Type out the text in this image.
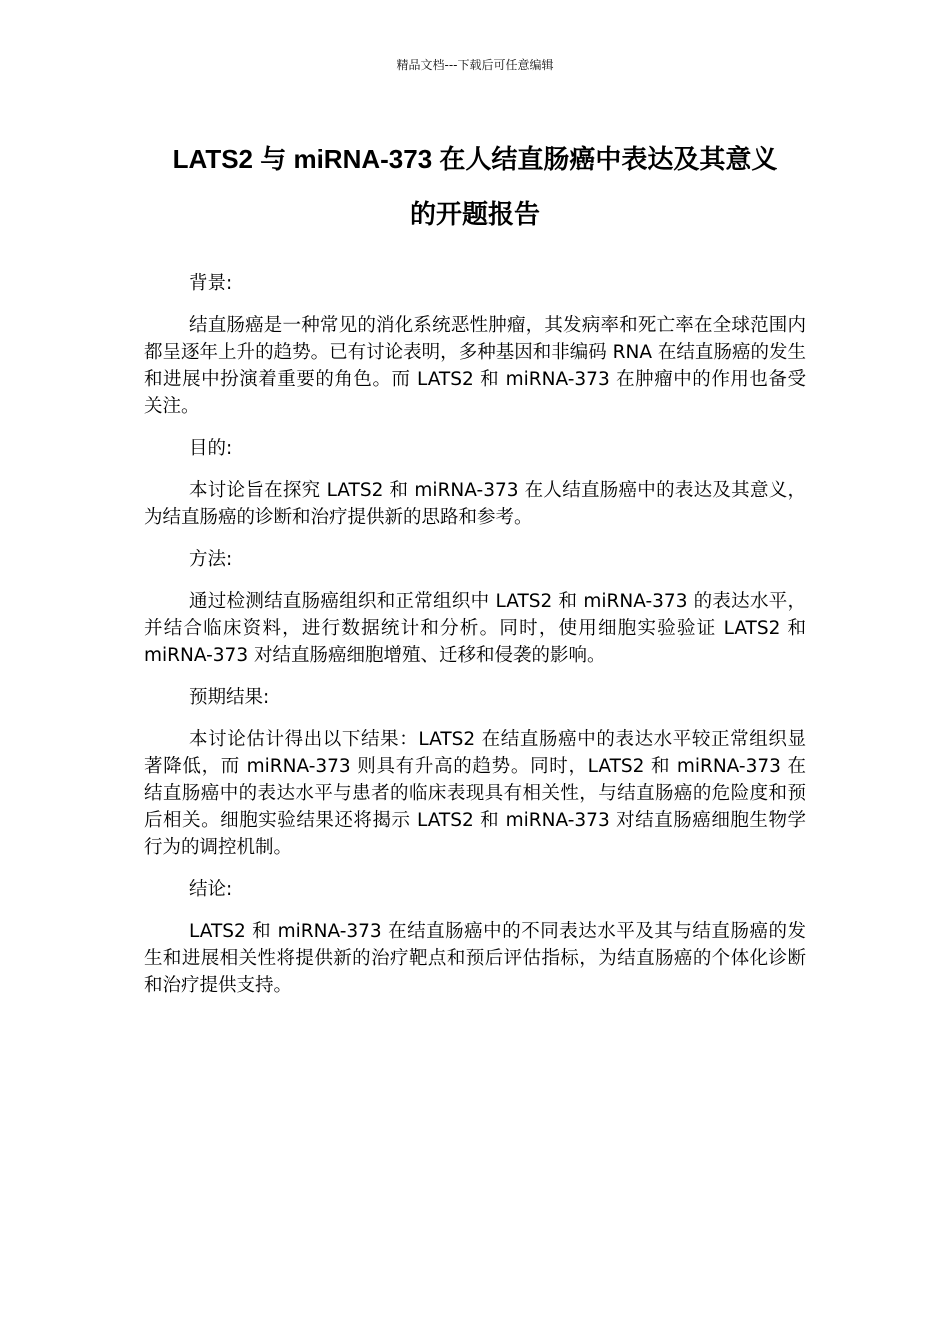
精品文档---下载后可任意编辑
LATS2 与 miRNA-373 在人结直肠癌中表达及其意义
的开题报告

背景:

结直肠癌是一种常见的消化系统恶性肿瘤，其发病率和死亡率在全球范围内都呈逐年上升的趋势。已有讨论表明，多种基因和非编码 RNA 在结直肠癌的发生和进展中扮演着重要的角色。而 LATS2 和 miRNA-373 在肿瘤中的作用也备受关注。

目的:

本讨论旨在探究 LATS2 和 miRNA-373 在人结直肠癌中的表达及其意义，为结直肠癌的诊断和治疗提供新的思路和参考。

方法:

通过检测结直肠癌组织和正常组织中 LATS2 和 miRNA-373 的表达水平，并结合临床资料，进行数据统计和分析。同时，使用细胞实验验证 LATS2 和 miRNA-373 对结直肠癌细胞增殖、迁移和侵袭的影响。

预期结果:

本讨论估计得出以下结果：LATS2 在结直肠癌中的表达水平较正常组织显著降低，而 miRNA-373 则具有升高的趋势。同时，LATS2 和 miRNA-373 在结直肠癌中的表达水平与患者的临床表现具有相关性，与结直肠癌的危险度和预后相关。细胞实验结果还将揭示 LATS2 和 miRNA-373 对结直肠癌细胞生物学行为的调控机制。

结论:

LATS2 和 miRNA-373 在结直肠癌中的不同表达水平及其与结直肠癌的发生和进展相关性将提供新的治疗靶点和预后评估指标，为结直肠癌的个体化诊断和治疗提供支持。
